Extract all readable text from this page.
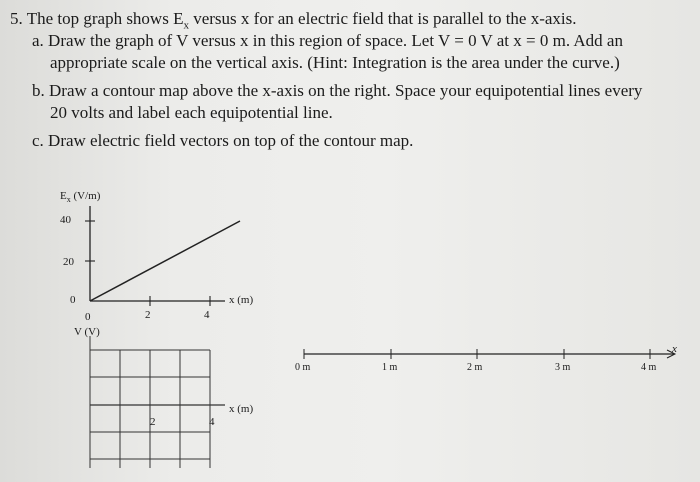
5. The top graph shows $E_x$ versus x for an electric field that is parallel to the x-axis.
a. Draw the graph of V versus x in this region of space. Let V = 0 V at x = 0 m. Add an
appropriate scale on the vertical axis. (Hint: Integration is the area under the curve.)
b. Draw a contour map above the x-axis on the right. Space your equipotential lines every
20 volts and label each equipotential line.
c. Draw electric field vectors on top of the contour map.
$E_x$ (V/m)
40
20
0
0	2	4
x (m)
V (V)
2	4
x (m)
0 m	1 m	2 m	3 m	4 m
x
